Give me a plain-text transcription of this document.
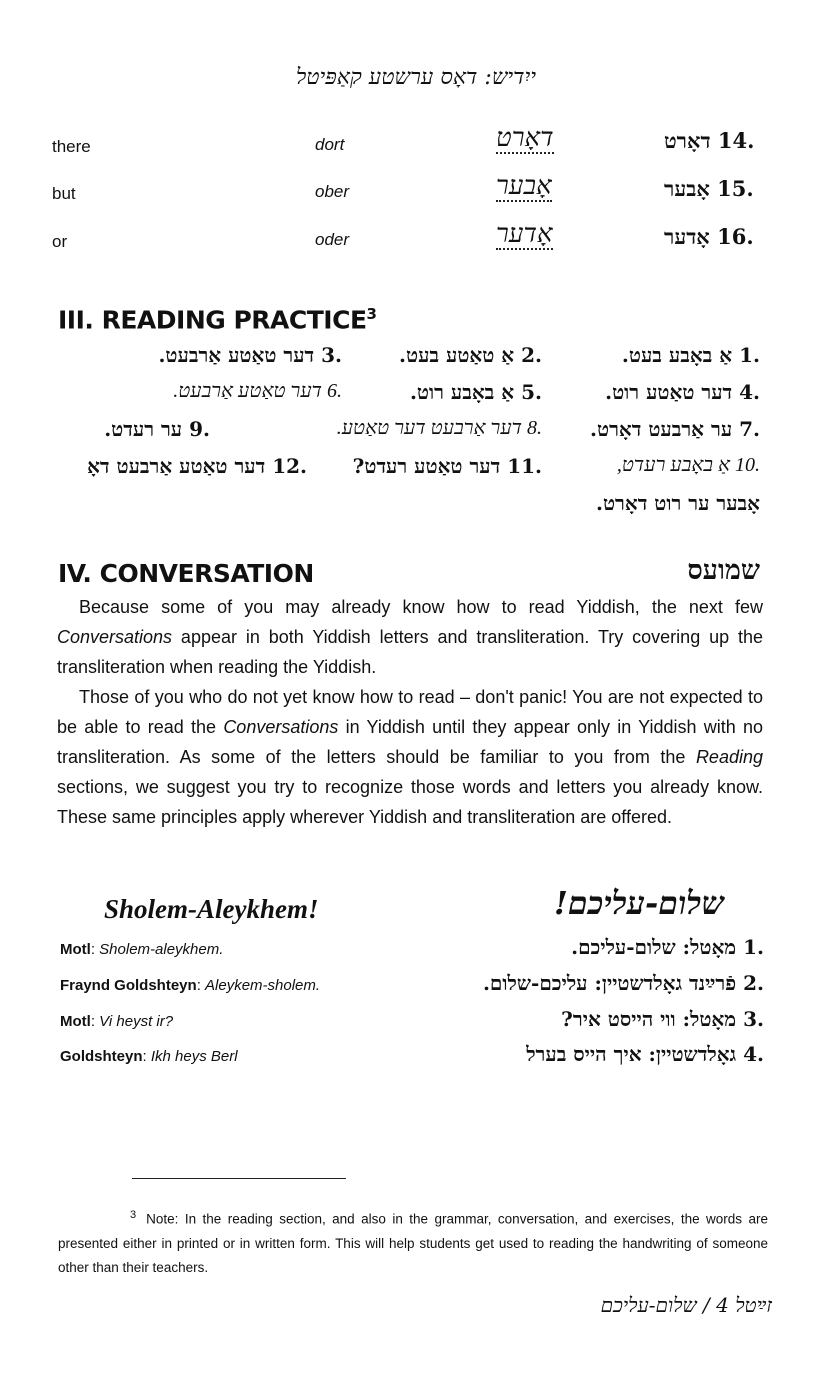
ייִדיש: דאָס ערשטע קאַפּיטל
there	dort	דאָרט	.14 דאָרט
but	ober	אָבער	.15 אָבער
or	oder	אָדער	.16 אָדער
III. READING PRACTICE$^3$
.1 אַ באָבע בעט.
.2 אַ טאַטע בעט.
.3 דער טאַטע אַרבעט.
.4 דער טאַטע רוט.
.5 אַ באָבע רוט.
.6 דער טאַטע אַרבעט.
.7 ער אַרבעט דאָרט.
.8 דער אַרבעט דער טאַטע.
.9 ער רעדט.
.10 אַ באָבע רעדט,
.11 דער טאַטע רעדט?
.12 דער טאַטע אַרבעט דאָ
אָבער ער רוט דאָרט.
IV. CONVERSATION	שמועס
Because some of you may already know how to read Yiddish, the next few Conversations appear in both Yiddish letters and transliteration. Try covering up the transliteration when reading the Yiddish.
Those of you who do not yet know how to read – don't panic! You are not expected to be able to read the Conversations in Yiddish until they appear only in Yiddish with no transliteration. As some of the letters should be familiar to you from the Reading sections, we suggest you try to recognize those words and letters you already know. These same principles apply wherever Yiddish and transliteration are offered.
Sholem-Aleykhem!	שלום-עליכם!
Motl: Sholem-aleykhem.	.1 מאָטל: שלום-עליכם.
Fraynd Goldshteyn: Aleykem-sholem.	.2 פֿרײַנד גאָלדשטיין: עליכם-שלום.
Motl: Vi heyst ir?	.3 מאָטל: ווי הייסט איר?
Goldshteyn: Ikh heys Berl	.4 גאָלדשטיין: איך הייס בערל
$^3$ Note: In the reading section, and also in the grammar, conversation, and exercises, the words are presented either in printed or in written form. This will help students get used to reading the handwriting of someone other than their teachers.
זײַטל 4 / שלום-עליכם
